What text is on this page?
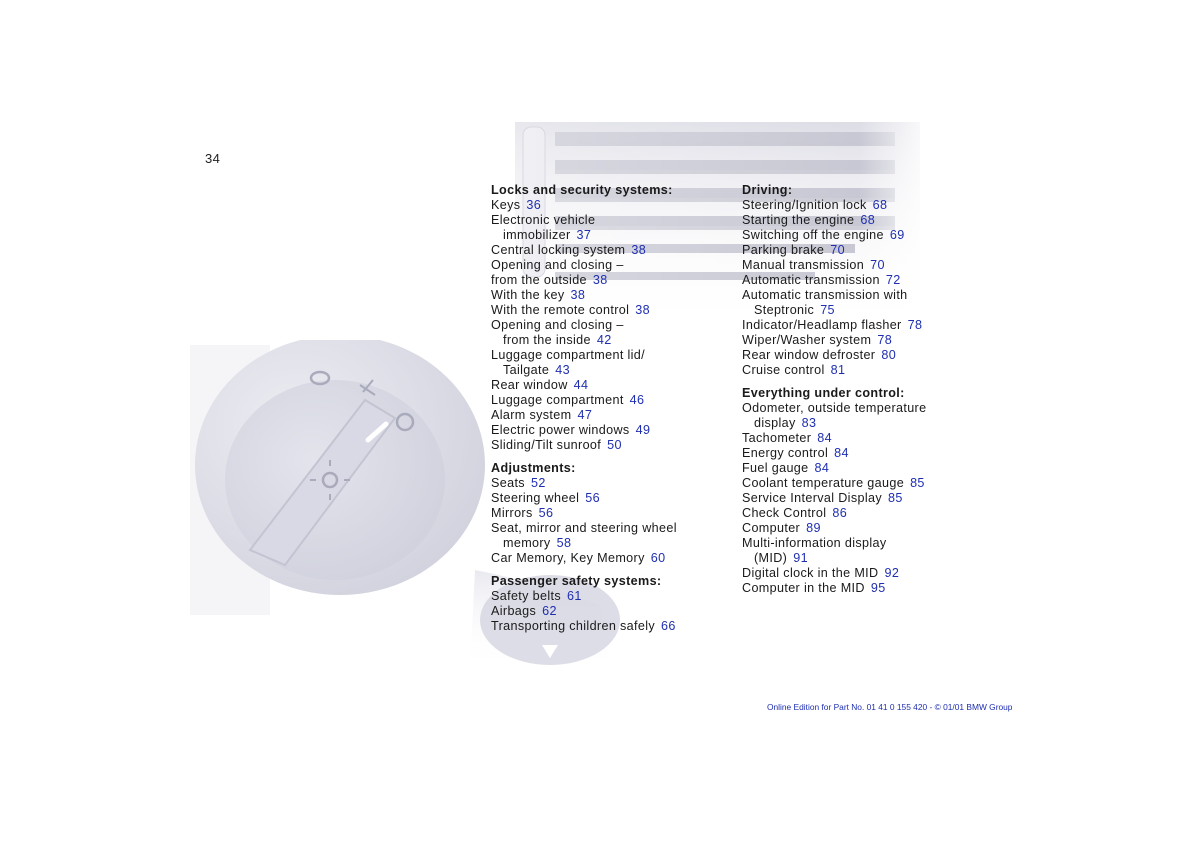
34
Locks and security systems:
Keys 36
Electronic vehicle
immobilizer 37
Central locking system 38
Opening and closing –
from the outside 38
With the key 38
With the remote control 38
Opening and closing –
from the inside 42
Luggage compartment lid/
Tailgate 43
Rear window 44
Luggage compartment 46
Alarm system 47
Electric power windows 49
Sliding/Tilt sunroof 50
Adjustments:
Seats 52
Steering wheel 56
Mirrors 56
Seat, mirror and steering wheel
memory 58
Car Memory, Key Memory 60
Passenger safety systems:
Safety belts 61
Airbags 62
Transporting children safely 66
Driving:
Steering/Ignition lock 68
Starting the engine 68
Switching off the engine 69
Parking brake 70
Manual transmission 70
Automatic transmission 72
Automatic transmission with
Steptronic 75
Indicator/Headlamp flasher 78
Wiper/Washer system 78
Rear window defroster 80
Cruise control 81
Everything under control:
Odometer, outside temperature
display 83
Tachometer 84
Energy control 84
Fuel gauge 84
Coolant temperature gauge 85
Service Interval Display 85
Check Control 86
Computer 89
Multi-information display
(MID) 91
Digital clock in the MID 92
Computer in the MID 95
Online Edition for Part No. 01 41 0 155 420 - © 01/01 BMW Group
